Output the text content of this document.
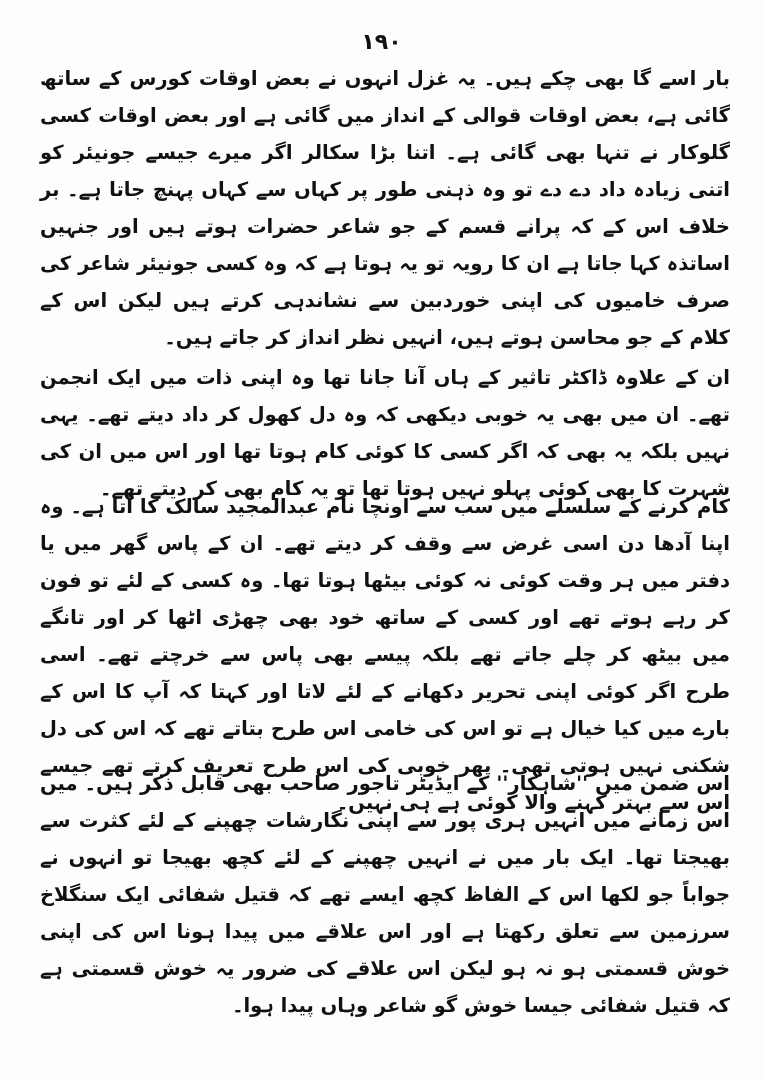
١٩٠

بار اسے گا بھی چکے ہیں۔ یہ غزل انہوں نے بعض اوقات کورس کے ساتھ گائی ہے، بعض اوقات قوالی کے انداز میں گائی ہے اور بعض اوقات کسی گلوکار نے تنہا بھی گائی ہے۔ اتنا بڑا سکالر اگر میرے جیسے جونیئر کو اتنی زیادہ داد دے دے تو وہ ذہنی طور پر کہاں سے کہاں پہنچ جاتا ہے۔ بر خلاف اس کے کہ پرانے قسم کے جو شاعر حضرات ہوتے ہیں اور جنہیں اساتذہ کہا جاتا ہے ان کا رویہ تو یہ ہوتا ہے کہ وہ کسی جونیئر شاعر کی صرف خامیوں کی اپنی خوردبین سے نشاندہی کرتے ہیں لیکن اس کے کلام کے جو محاسن ہوتے ہیں، انہیں نظر انداز کر جاتے ہیں۔

ان کے علاوہ ڈاکٹر تاثیر کے ہاں آنا جانا تھا وہ اپنی ذات میں ایک انجمن تھے۔ ان میں بھی یہ خوبی دیکھی کہ وہ دل کھول کر داد دیتے تھے۔ یہی نہیں بلکہ یہ بھی کہ اگر کسی کا کوئی کام ہوتا تھا اور اس میں ان کی شہرت کا بھی کوئی پہلو نہیں ہوتا تھا تو یہ کام بھی کر دیتے تھے۔

کام کرنے کے سلسلے میں سب سے اونچا نام عبدالمجید سالک کا آتا ہے۔ وہ اپنا آدھا دن اسی غرض سے وقف کر دیتے تھے۔ ان کے پاس گھر میں یا دفتر میں ہر وقت کوئی نہ کوئی بیٹھا ہوتا تھا۔ وہ کسی کے لئے تو فون کر رہے ہوتے تھے اور کسی کے ساتھ خود بھی چھڑی اٹھا کر اور تانگے میں بیٹھ کر چلے جاتے تھے بلکہ پیسے بھی پاس سے خرچتے تھے۔ اسی طرح اگر کوئی اپنی تحریر دکھانے کے لئے لاتا اور کہتا کہ آپ کا اس کے بارے میں کیا خیال ہے تو اس کی خامی اس طرح بتاتے تھے کہ اس کی دل شکنی نہیں ہوتی تھی۔ پھر خوبی کی اس طرح تعریف کرتے تھے جیسے اس سے بہتر کہنے والا کوئی ہے ہی نہیں۔

اس ضمن میں ''شاہکار'' کے ایڈیٹر تاجور صاحب بھی قابل ذکر ہیں۔ میں اس زمانے میں انہیں ہری پور سے اپنی نگارشات چھپنے کے لئے کثرت سے بھیجتا تھا۔ ایک بار میں نے انہیں چھپنے کے لئے کچھ بھیجا تو انہوں نے جواباً جو لکھا اس کے الفاظ کچھ ایسے تھے کہ قتیل شفائی ایک سنگلاخ سرزمین سے تعلق رکھتا ہے اور اس علاقے میں پیدا ہونا اس کی اپنی خوش قسمتی ہو نہ ہو لیکن اس علاقے کی ضرور یہ خوش قسمتی ہے کہ قتیل شفائی جیسا خوش گو شاعر وہاں پیدا ہوا۔
